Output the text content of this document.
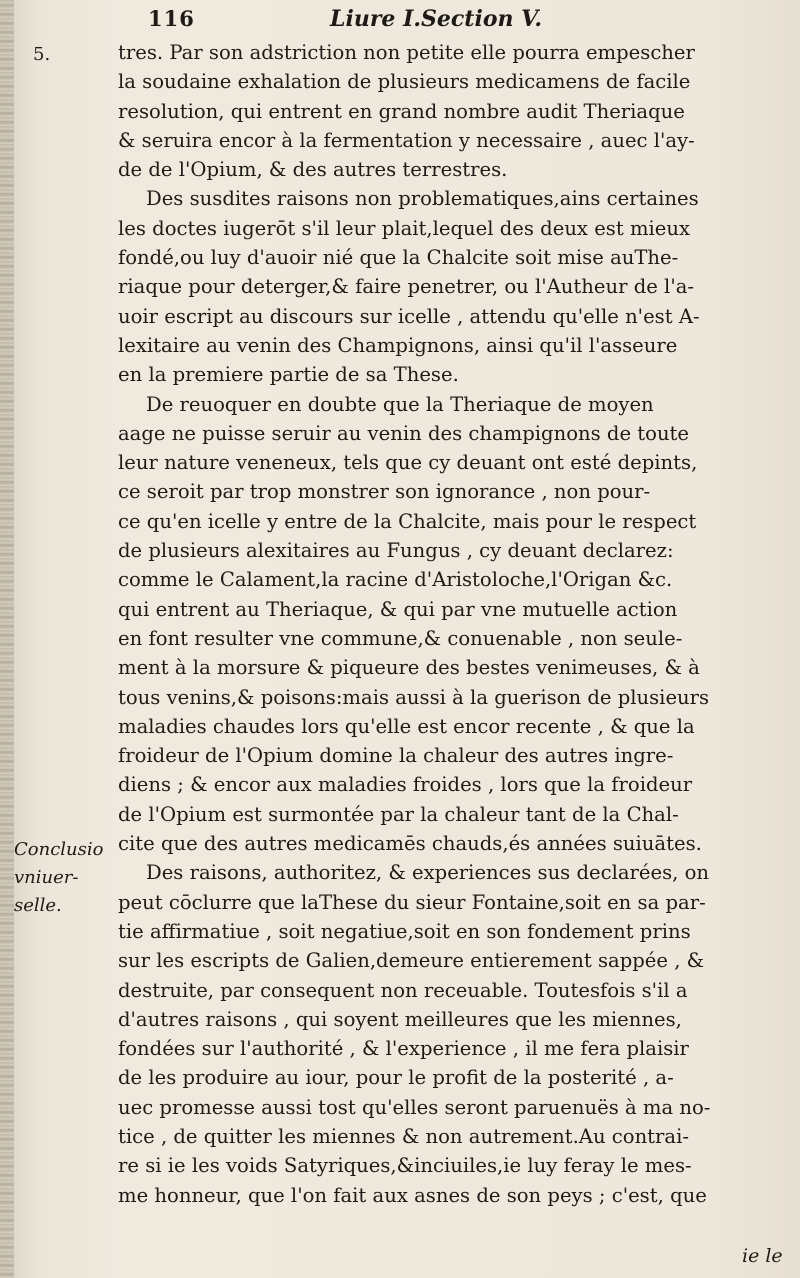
116	Liure I.Section V.
5.
Conclusio
vniuer-
selle.
tres. Par son adstriction non petite elle pourra empescher
la soudaine exhalation de plusieurs medicamens de facile
resolution, qui entrent en grand nombre audit Theriaque
& seruira encor à la fermentation y necessaire , auec l'ay-
de de l'Opium, & des autres terrestres.
Des susdites raisons non problematiques,ains certaines
les doctes iugerōt s'il leur plait,lequel des deux est mieux
fondé,ou luy d'auoir nié que la Chalcite soit mise auThe-
riaque pour deterger,& faire penetrer, ou l'Autheur de l'a-
uoir escript au discours sur icelle , attendu qu'elle n'est A-
lexitaire au venin des Champignons, ainsi qu'il l'asseure
en la premiere partie de sa These.
De reuoquer en doubte que la Theriaque de moyen
aage ne puisse seruir au venin des champignons de toute
leur nature veneneux, tels que cy deuant ont esté depints,
ce seroit par trop monstrer son ignorance , non pour-
ce qu'en icelle y entre de la Chalcite, mais pour le respect
de plusieurs alexitaires au Fungus , cy deuant declarez:
comme le Calament,la racine d'Aristoloche,l'Origan &c.
qui entrent au Theriaque, & qui par vne mutuelle action
en font resulter vne commune,& conuenable , non seule-
ment à la morsure & piqueure des bestes venimeuses, & à
tous venins,& poisons:mais aussi à la guerison de plusieurs
maladies chaudes lors qu'elle est encor recente , & que la
froideur de l'Opium domine la chaleur des autres ingre-
diens ; & encor aux maladies froides , lors que la froideur
de l'Opium est surmontée par la chaleur tant de la Chal-
cite que des autres medicamēs chauds,és années suiuātes.
Des raisons, authoritez, & experiences sus declarées, on
peut cōclurre que laThese du sieur Fontaine,soit en sa par-
tie affirmatiue , soit negatiue,soit en son fondement prins
sur les escripts de Galien,demeure entierement sappée , &
destruite, par consequent non receuable. Toutesfois s'il a
d'autres raisons , qui soyent meilleures que les miennes,
fondées sur l'authorité , & l'experience , il me fera plaisir
de les produire au iour, pour le profit de la posterité , a-
uec promesse aussi tost qu'elles seront paruenuës à ma no-
tice , de quitter les miennes & non autrement.Au contrai-
re si ie les voids Satyriques,&inciuiles,ie luy feray le mes-
me honneur, que l'on fait aux asnes de son peys ; c'est, que
ie le
